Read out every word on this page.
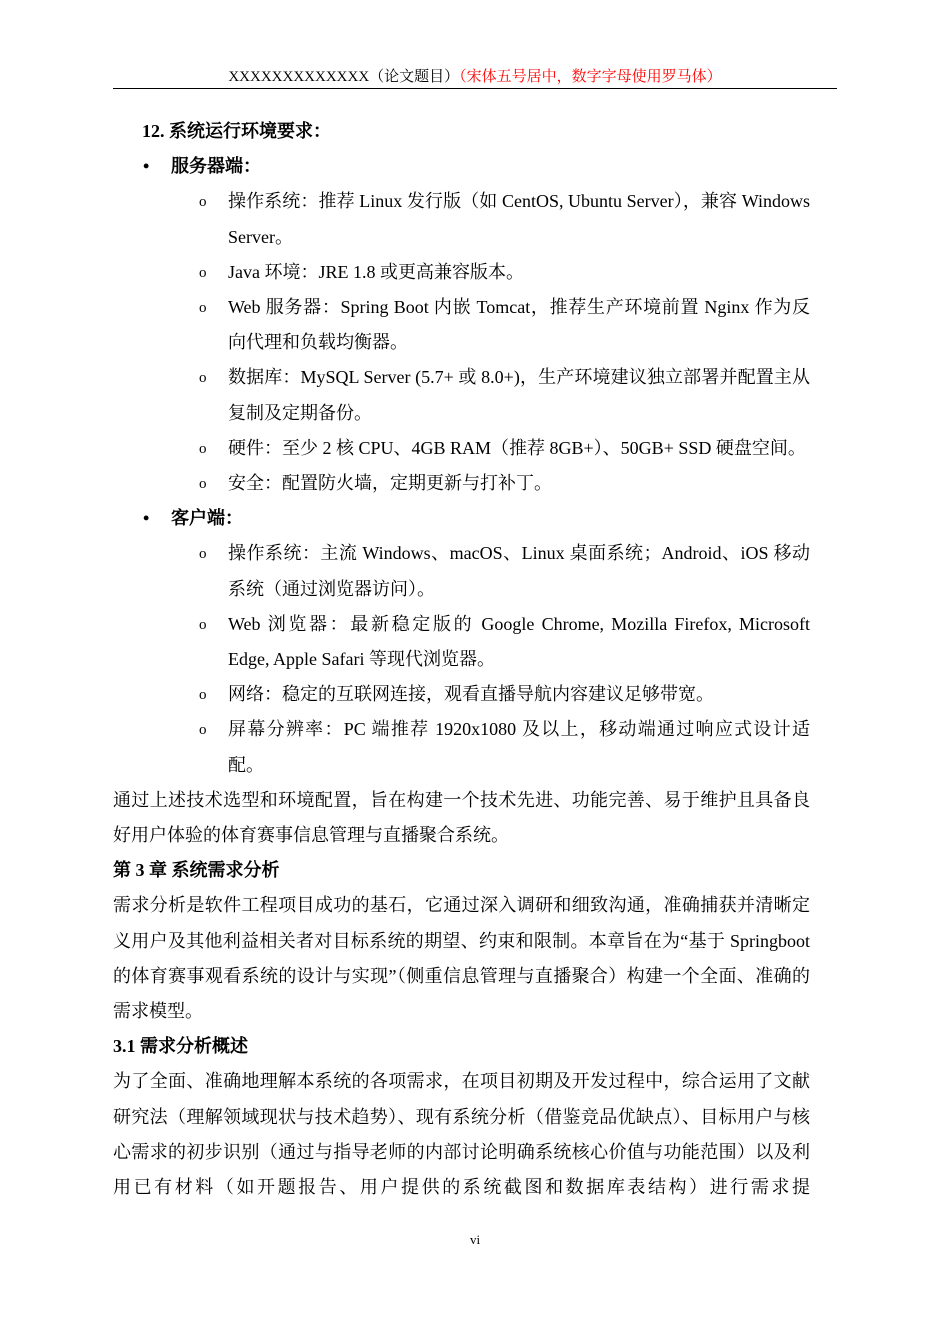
XXXXXXXXXXXXX（论文题目）（宋体五号居中，数字字母使用罗马体）
12. 系统运行环境要求：
• 服务器端：
o 操作系统：推荐 Linux 发行版（如 CentOS, Ubuntu Server），兼容 Windows Server。
o Java 环境：JRE 1.8 或更高兼容版本。
o Web 服务器：Spring Boot 内嵌 Tomcat，推荐生产环境前置 Nginx 作为反向代理和负载均衡器。
o 数据库：MySQL Server (5.7+ 或 8.0+)，生产环境建议独立部署并配置主从复制及定期备份。
o 硬件：至少 2 核 CPU、4GB RAM（推荐 8GB+）、50GB+ SSD 硬盘空间。
o 安全：配置防火墙，定期更新与打补丁。
• 客户端：
o 操作系统：主流 Windows、macOS、Linux 桌面系统；Android、iOS 移动系统（通过浏览器访问）。
o Web 浏览器：最新稳定版的 Google Chrome, Mozilla Firefox, Microsoft Edge, Apple Safari 等现代浏览器。
o 网络：稳定的互联网连接，观看直播导航内容建议足够带宽。
o 屏幕分辨率：PC 端推荐 1920x1080 及以上，移动端通过响应式设计适配。
通过上述技术选型和环境配置，旨在构建一个技术先进、功能完善、易于维护且具备良好用户体验的体育赛事信息管理与直播聚合系统。
第 3 章 系统需求分析
需求分析是软件工程项目成功的基石，它通过深入调研和细致沟通，准确捕获并清晰定义用户及其他利益相关者对目标系统的期望、约束和限制。本章旨在为“基于 Springboot 的体育赛事观看系统的设计与实现”（侧重信息管理与直播聚合）构建一个全面、准确的需求模型。
3.1 需求分析概述
为了全面、准确地理解本系统的各项需求，在项目初期及开发过程中，综合运用了文献研究法（理解领域现状与技术趋势）、现有系统分析（借鉴竞品优缺点）、目标用户与核心需求的初步识别（通过与指导老师的内部讨论明确系统核心价值与功能范围）以及利用已有材料（如开题报告、用户提供的系统截图和数据库表结构）进行需求提
vi
